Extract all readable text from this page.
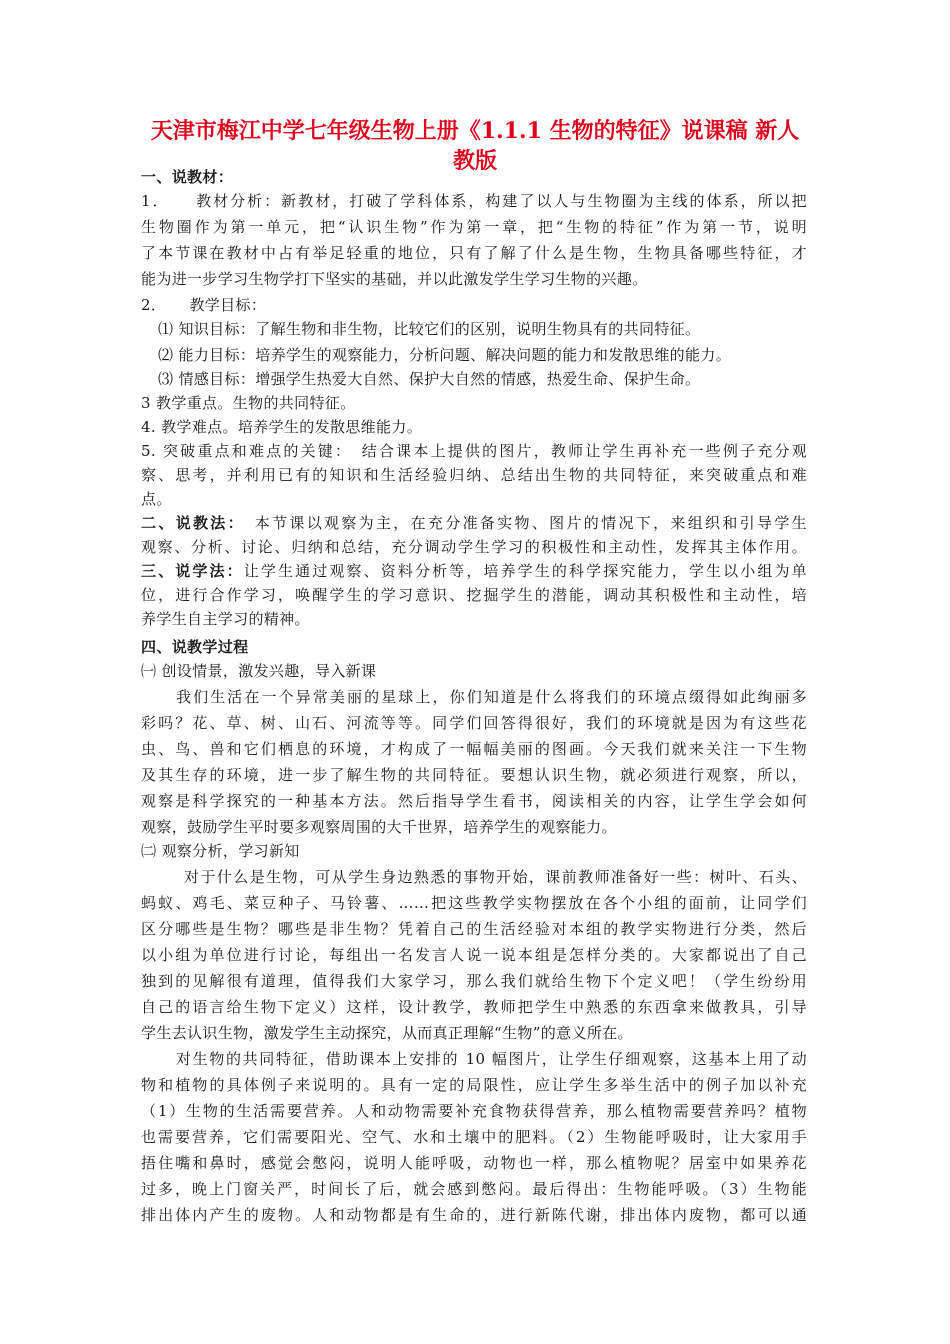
天津市梅江中学七年级生物上册《1.1.1 生物的特征》说课稿 新人
教版
一、说教材：
1．　　教材分析：新教材，打破了学科体系，构建了以人与生物圈为主线的体系，所以把
生物圈作为第一单元，把“认识生物”作为第一章，把“生物的特征”作为第一节，说明
了本节课在教材中占有举足轻重的地位，只有了解了什么是生物，生物具备哪些特征，才
能为进一步学习生物学打下坚实的基础，并以此激发学生学习生物的兴趣。
2．　　教学目标：
⑴ 知识目标：了解生物和非生物，比较它们的区别，说明生物具有的共同特征。
⑵ 能力目标：培养学生的观察能力，分析问题、解决问题的能力和发散思维的能力。
⑶ 情感目标：增强学生热爱大自然、保护大自然的情感，热爱生命、保护生命。
3 教学重点。生物的共同特征。
4. 教学难点。培养学生的发散思维能力。
5. 突破重点和难点的关键：　结合课本上提供的图片，教师让学生再补充一些例子充分观
察、思考，并利用已有的知识和生活经验归纳、总结出生物的共同特征，来突破重点和难
点。
二、说教法：　本节课以观察为主，在充分准备实物、图片的情况下，来组织和引导学生
观察、分析、讨论、归纳和总结，充分调动学生学习的积极性和主动性，发挥其主体作用。
三、说学法：让学生通过观察、资料分析等，培养学生的科学探究能力，学生以小组为单
位，进行合作学习，唤醒学生的学习意识、挖掘学生的潜能，调动其积极性和主动性，培
养学生自主学习的精神。
四、说教学过程
㈠ 创设情景，激发兴趣，导入新课
我们生活在一个异常美丽的星球上，你们知道是什么将我们的环境点缀得如此绚丽多
彩吗？花、草、树、山石、河流等等。同学们回答得很好，我们的环境就是因为有这些花
虫、鸟、兽和它们栖息的环境，才构成了一幅幅美丽的图画。今天我们就来关注一下生物
及其生存的环境，进一步了解生物的共同特征。要想认识生物，就必须进行观察，所以，
观察是科学探究的一种基本方法。然后指导学生看书，阅读相关的内容，让学生学会如何
观察，鼓励学生平时要多观察周围的大千世界，培养学生的观察能力。
㈡ 观察分析，学习新知
对于什么是生物，可从学生身边熟悉的事物开始，课前教师准备好一些：树叶、石头、
蚂蚁、鸡毛、菜豆种子、马铃薯、……把这些教学实物摆放在各个小组的面前，让同学们
区分哪些是生物？哪些是非生物？凭着自己的生活经验对本组的教学实物进行分类，然后
以小组为单位进行讨论，每组出一名发言人说一说本组是怎样分类的。大家都说出了自己
独到的见解很有道理，值得我们大家学习，那么我们就给生物下个定义吧！（学生纷纷用
自己的语言给生物下定义）这样，设计教学，教师把学生中熟悉的东西拿来做教具，引导
学生去认识生物，激发学生主动探究，从而真正理解“生物”的意义所在。
对生物的共同特征，借助课本上安排的 10 幅图片，让学生仔细观察，这基本上用了动
物和植物的具体例子来说明的。具有一定的局限性，应让学生多举生活中的例子加以补充
（1）生物的生活需要营养。人和动物需要补充食物获得营养，那么植物需要营养吗？植物
也需要营养，它们需要阳光、空气、水和土壤中的肥料。（2）生物能呼吸时，让大家用手
捂住嘴和鼻时，感觉会憋闷，说明人能呼吸，动物也一样，那么植物呢？居室中如果养花
过多，晚上门窗关严，时间长了后，就会感到憋闷。最后得出：生物能呼吸。（3）生物能
排出体内产生的废物。人和动物都是有生命的，进行新陈代谢，排出体内废物，都可以通
